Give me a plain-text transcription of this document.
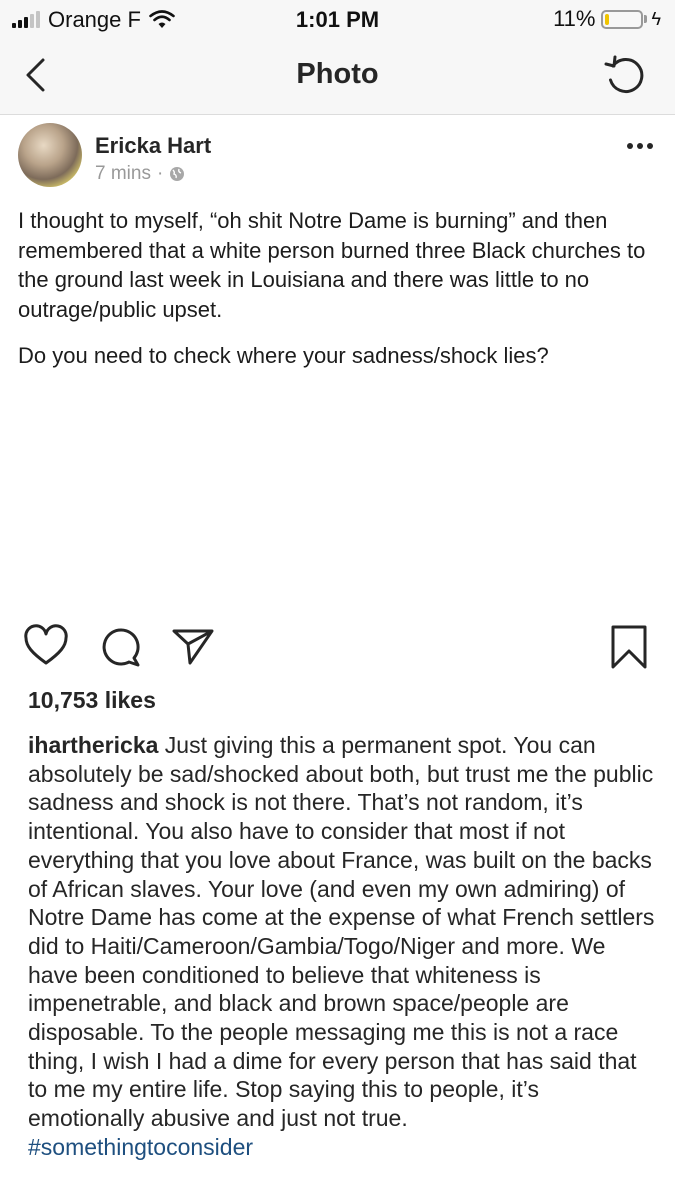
Orange F	1:01 PM	11%	ϟ
Photo
Ericka Hart
7 mins ·

I thought to myself, “oh shit Notre Dame is burning” and then remembered that a white person burned three Black churches to the ground last week in Louisiana and there was little to no outrage/public upset.

Do you need to check where your sadness/shock lies?

10,753 likes
iharthericka Just giving this a permanent spot. You can absolutely be sad/shocked about both, but trust me the public sadness and shock is not there. That’s not random, it’s intentional. You also have to consider that most if not everything that you love about France, was built on the backs of African slaves. Your love (and even my own admiring) of Notre Dame has come at the expense of what French settlers did to Haiti/Cameroon/Gambia/Togo/Niger and more. We have been conditioned to believe that whiteness is impenetrable, and black and brown space/people are disposable. To the people messaging me this is not a race thing, I wish I had a dime for every person that has said that to me my entire life. Stop saying this to people, it’s emotionally abusive and just not true.
#somethingtoconsider
